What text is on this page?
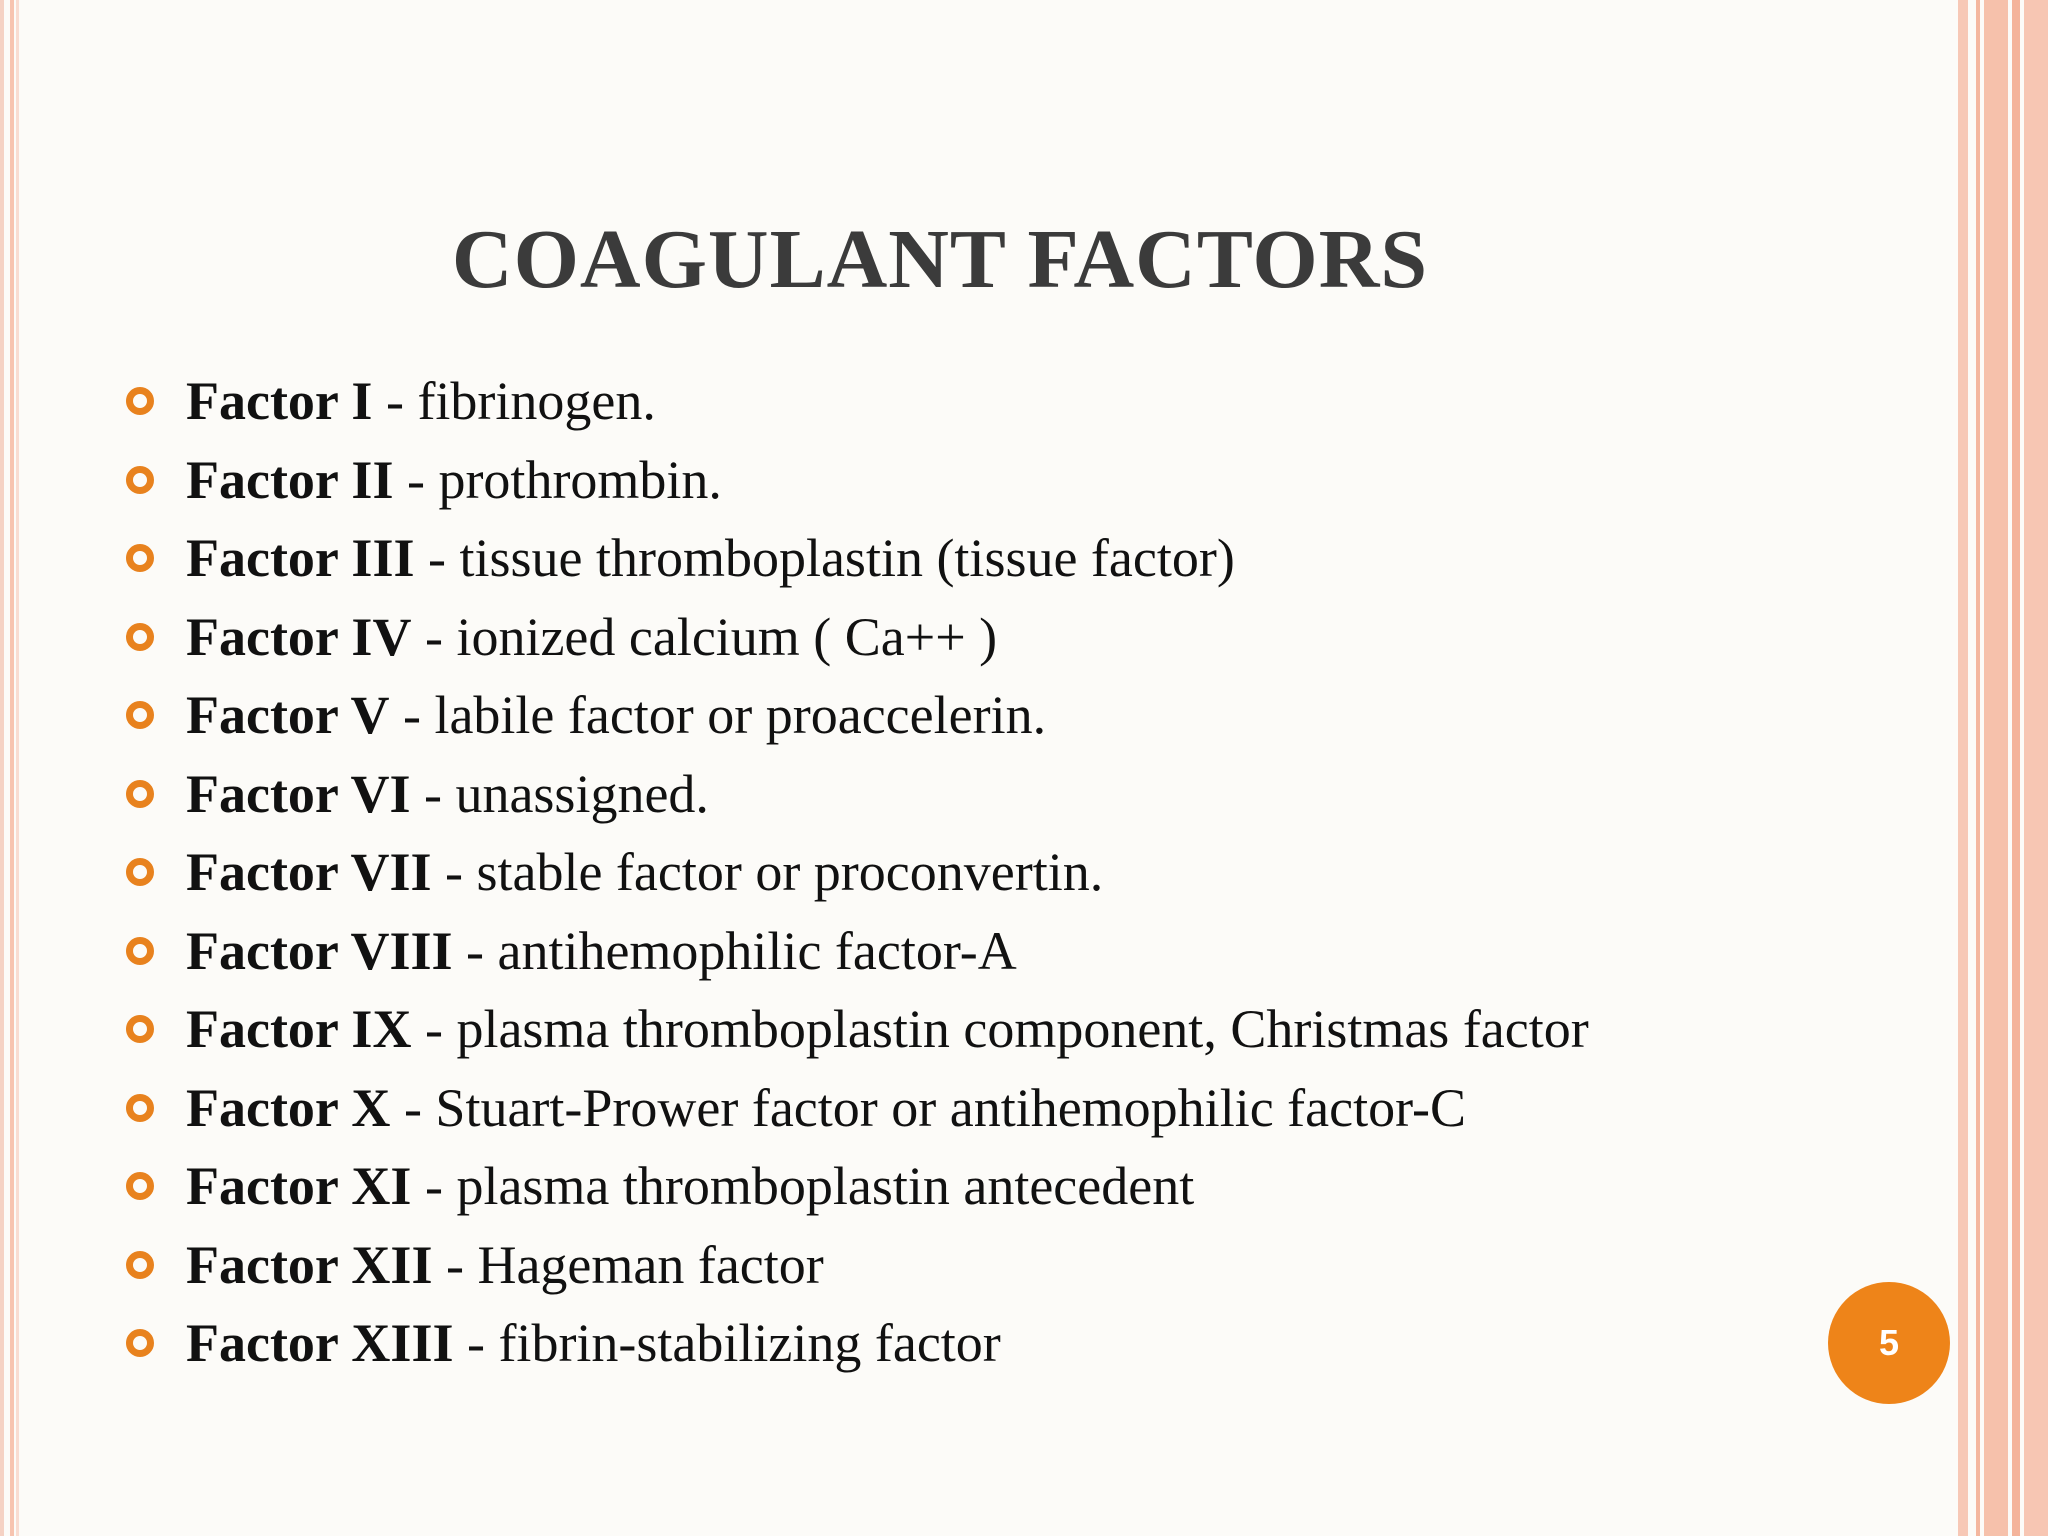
COAGULANT FACTORS
Factor I - fibrinogen.
Factor II - prothrombin.
Factor III - tissue thromboplastin (tissue factor)
Factor IV - ionized calcium ( Ca++ )
Factor V - labile factor or proaccelerin.
Factor VI - unassigned.
Factor VII - stable factor or proconvertin.
Factor VIII - antihemophilic factor-A
Factor IX - plasma thromboplastin component, Christmas factor
Factor X - Stuart-Prower factor or antihemophilic factor-C
Factor XI - plasma thromboplastin antecedent
Factor XII - Hageman factor
Factor XIII - fibrin-stabilizing factor	5
